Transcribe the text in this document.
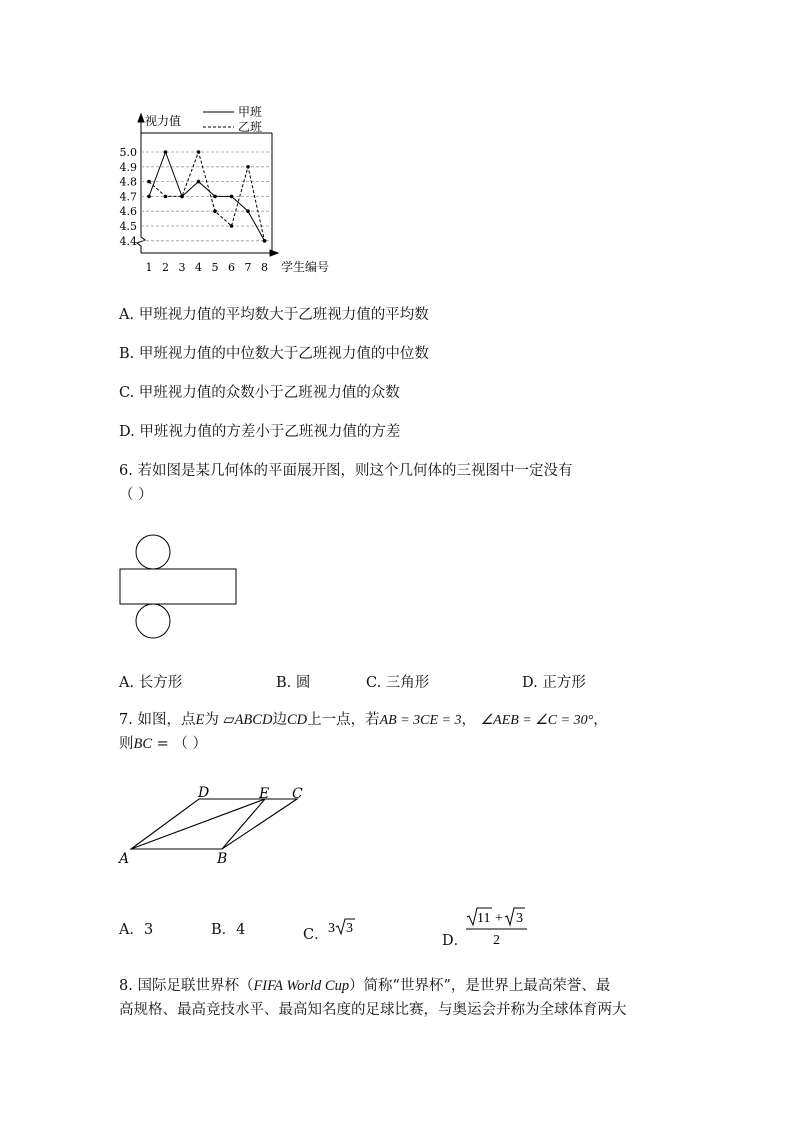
5.0
4.9
4.8
4.7
4.6
4.5
4.4
1 2 3 4 5 6 7 8
视力值
学生编号
甲班
乙班
A. 甲班视力值的平均数大于乙班视力值的平均数
B. 甲班视力值的中位数大于乙班视力值的中位数
C. 甲班视力值的众数小于乙班视力值的众数
D. 甲班视力值的方差小于乙班视力值的方差
6. 若如图是某几何体的平面展开图，则这个几何体的三视图中一定没有
（ ）
A. 长方形	B. 圆	C. 三角形	D. 正方形
7. 如图，点E为 ▱ABCD边CD上一点，若AB = 3CE = 3， ∠AEB = ∠C = 30°，
则BC = （ ）
A	B
C
D	E
A．3	B．4	C． 3 3
D．
11 + 3
2
8. 国际足联世界杯（FIFA World Cup）简称“世界杯”，是世界上最高荣誉、最
高规格、最高竞技水平、最高知名度的足球比赛，与奥运会并称为全球体育两大
